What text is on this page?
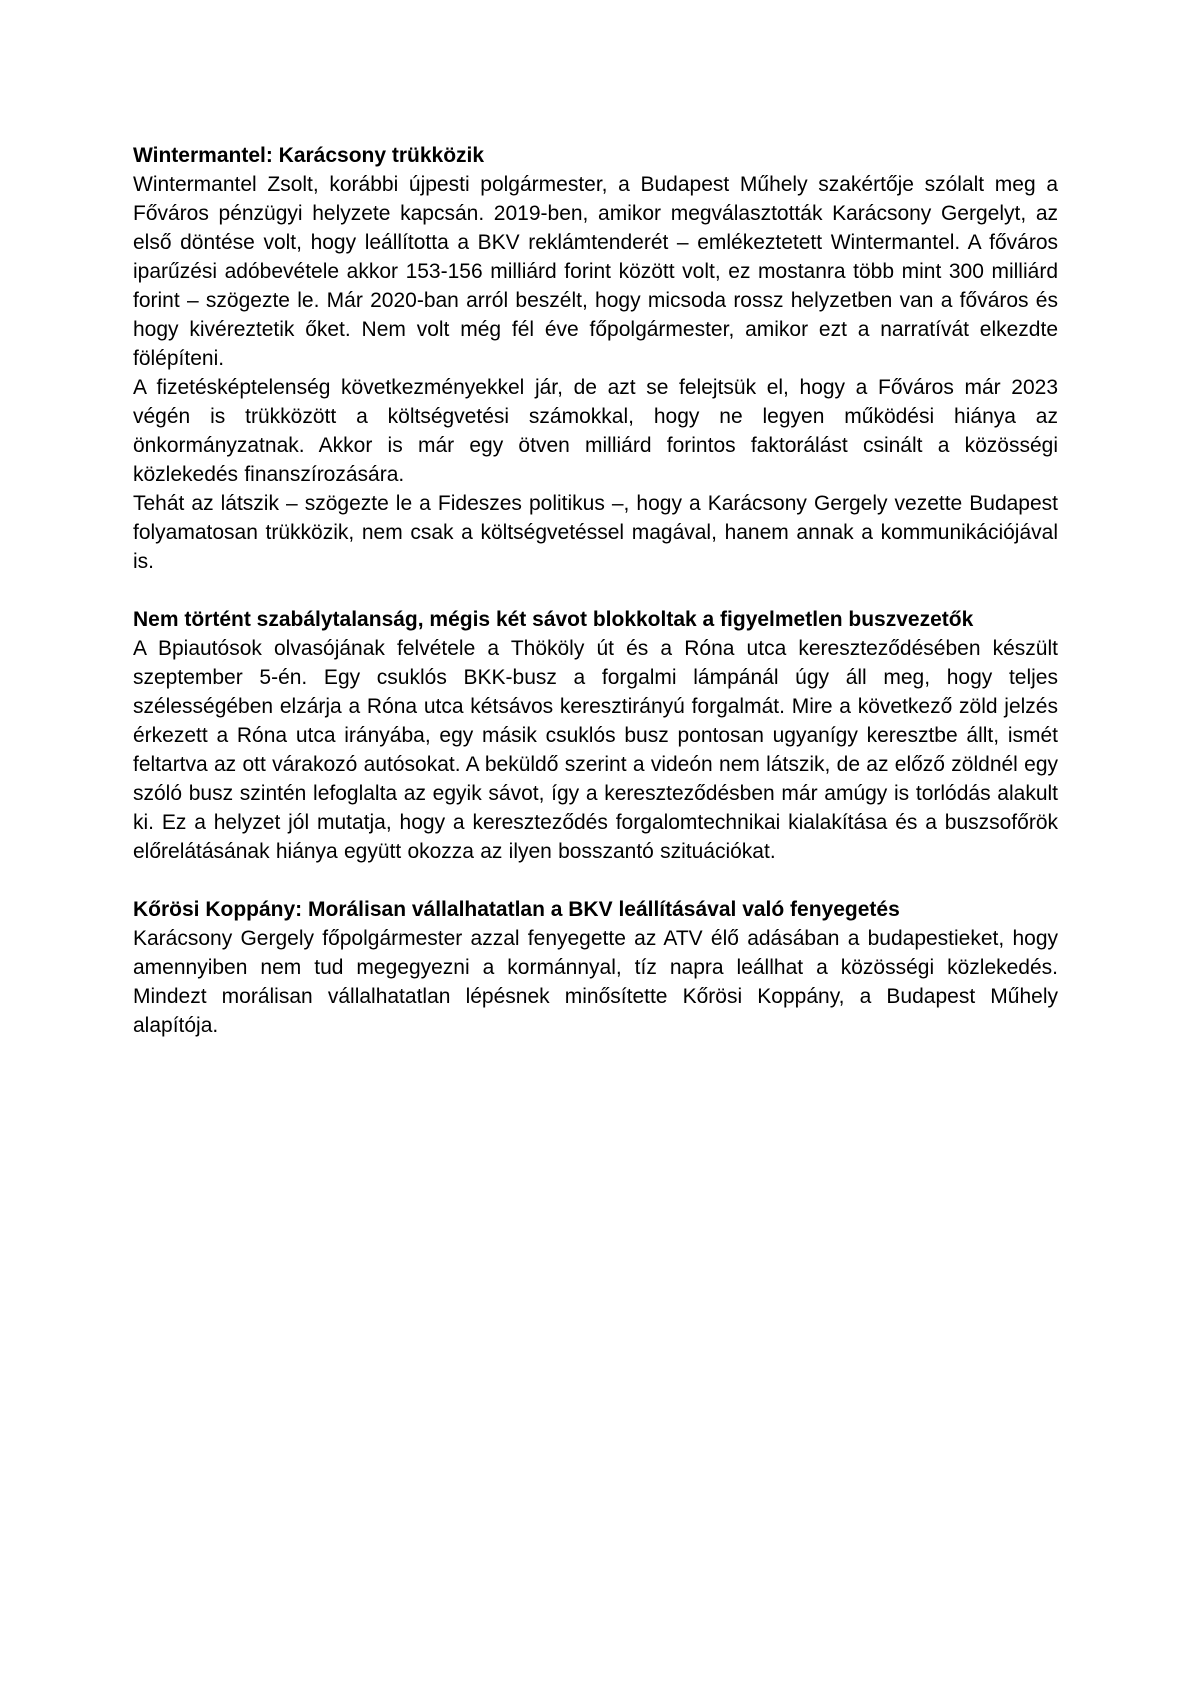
Wintermantel: Karácsony trükközik

Wintermantel Zsolt, korábbi újpesti polgármester, a Budapest Műhely szakértője szólalt meg a Főváros pénzügyi helyzete kapcsán. 2019-ben, amikor megválasztották Karácsony Gergelyt, az első döntése volt, hogy leállította a BKV reklámtenderét – emlékeztetett Wintermantel. A főváros iparűzési adóbevétele akkor 153-156 milliárd forint között volt, ez mostanra több mint 300 milliárd forint – szögezte le. Már 2020-ban arról beszélt, hogy micsoda rossz helyzetben van a főváros és hogy kivéreztetik őket. Nem volt még fél éve főpolgármester, amikor ezt a narratívát elkezdte fölépíteni.

A fizetésképtelenség következményekkel jár, de azt se felejtsük el, hogy a Főváros már 2023 végén is trükközött a költségvetési számokkal, hogy ne legyen működési hiánya az önkormányzatnak. Akkor is már egy ötven milliárd forintos faktorálást csinált a közösségi közlekedés finanszírozására.

Tehát az látszik – szögezte le a Fideszes politikus –, hogy a Karácsony Gergely vezette Budapest folyamatosan trükközik, nem csak a költségvetéssel magával, hanem annak a kommunikációjával is.

Nem történt szabálytalanság, mégis két sávot blokkoltak a figyelmetlen buszvezetők

A Bpiautósok olvasójának felvétele a Thököly út és a Róna utca kereszteződésében készült szeptember 5-én. Egy csuklós BKK-busz a forgalmi lámpánál úgy áll meg, hogy teljes szélességében elzárja a Róna utca kétsávos keresztirányú forgalmát. Mire a következő zöld jelzés érkezett a Róna utca irányába, egy másik csuklós busz pontosan ugyanígy keresztbe állt, ismét feltartva az ott várakozó autósokat. A beküldő szerint a videón nem látszik, de az előző zöldnél egy szóló busz szintén lefoglalta az egyik sávot, így a kereszteződésben már amúgy is torlódás alakult ki. Ez a helyzet jól mutatja, hogy a kereszteződés forgalomtechnikai kialakítása és a buszsofőrök előrelátásának hiánya együtt okozza az ilyen bosszantó szituációkat.

Kőrösi Koppány: Morálisan vállalhatatlan a BKV leállításával való fenyegetés

Karácsony Gergely főpolgármester azzal fenyegette az ATV élő adásában a budapestieket, hogy amennyiben nem tud megegyezni a kormánnyal, tíz napra leállhat a közösségi közlekedés. Mindezt morálisan vállalhatatlan lépésnek minősítette Kőrösi Koppány, a Budapest Műhely alapítója.
